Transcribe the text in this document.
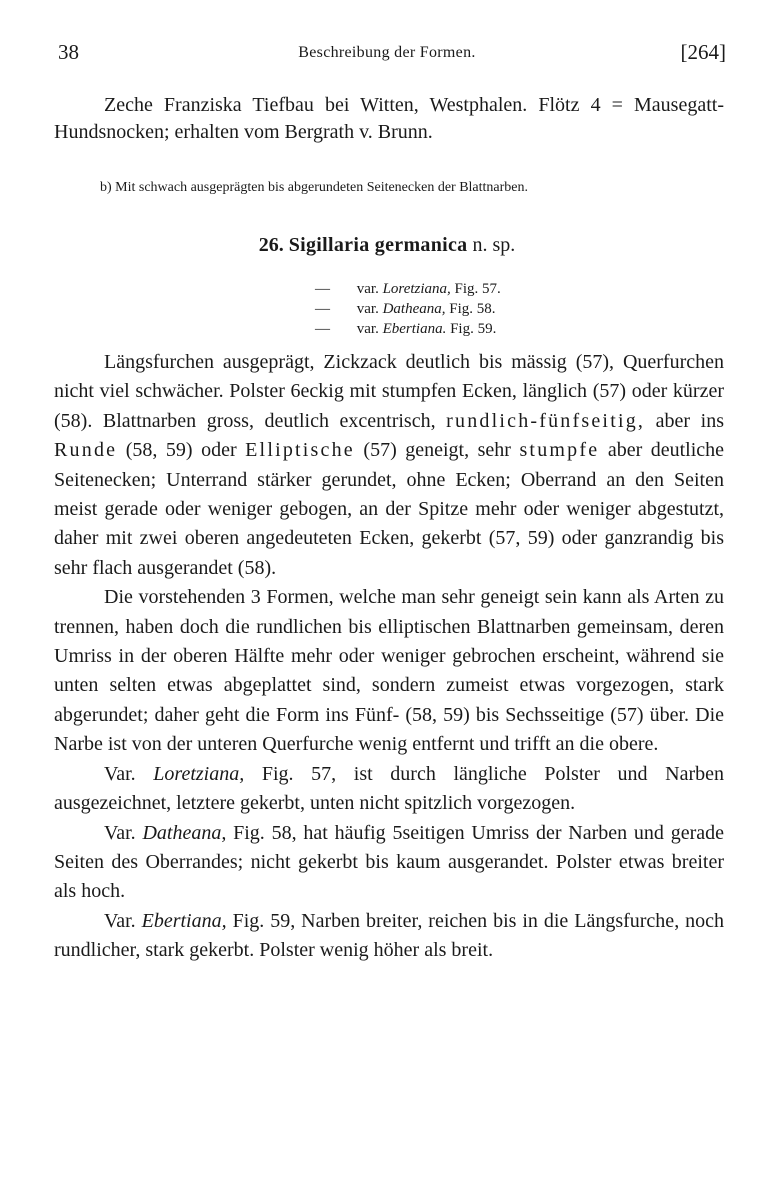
38	Beschreibung der Formen.	[264]
Zeche Franziska Tiefbau bei Witten, Westphalen. Flötz 4 = Mausegatt-Hundsnocken; erhalten vom Bergrath v. Brunn.
b) Mit schwach ausgeprägten bis abgerundeten Seitenecken der Blattnarben.
26. Sigillaria germanica n. sp.
— var. Loretziana, Fig. 57.
— var. Datheana, Fig. 58.
— var. Ebertiana. Fig. 59.

Längsfurchen ausgeprägt, Zickzack deutlich bis mässig (57), Querfurchen nicht viel schwächer. Polster 6eckig mit stumpfen Ecken, länglich (57) oder kürzer (58). Blattnarben gross, deutlich excentrisch, rundlich-fünfseitig, aber ins Runde (58, 59) oder Elliptische (57) geneigt, sehr stumpfe aber deutliche Seitenecken; Unterrand stärker gerundet, ohne Ecken; Oberrand an den Seiten meist gerade oder weniger gebogen, an der Spitze mehr oder weniger abgestutzt, daher mit zwei oberen angedeuteten Ecken, gekerbt (57, 59) oder ganzrandig bis sehr flach ausgerandet (58).

Die vorstehenden 3 Formen, welche man sehr geneigt sein kann als Arten zu trennen, haben doch die rundlichen bis elliptischen Blattnarben gemeinsam, deren Umriss in der oberen Hälfte mehr oder weniger gebrochen erscheint, während sie unten selten etwas abgeplattet sind, sondern zumeist etwas vorgezogen, stark abgerundet; daher geht die Form ins Fünf- (58, 59) bis Sechsseitige (57) über. Die Narbe ist von der unteren Querfurche wenig entfernt und trifft an die obere.

Var. Loretziana, Fig. 57, ist durch längliche Polster und Narben ausgezeichnet, letztere gekerbt, unten nicht spitzlich vorgezogen.

Var. Datheana, Fig. 58, hat häufig 5seitigen Umriss der Narben und gerade Seiten des Oberrandes; nicht gekerbt bis kaum ausgerandet. Polster etwas breiter als hoch.

Var. Ebertiana, Fig. 59, Narben breiter, reichen bis in die Längsfurche, noch rundlicher, stark gekerbt. Polster wenig höher als breit.
